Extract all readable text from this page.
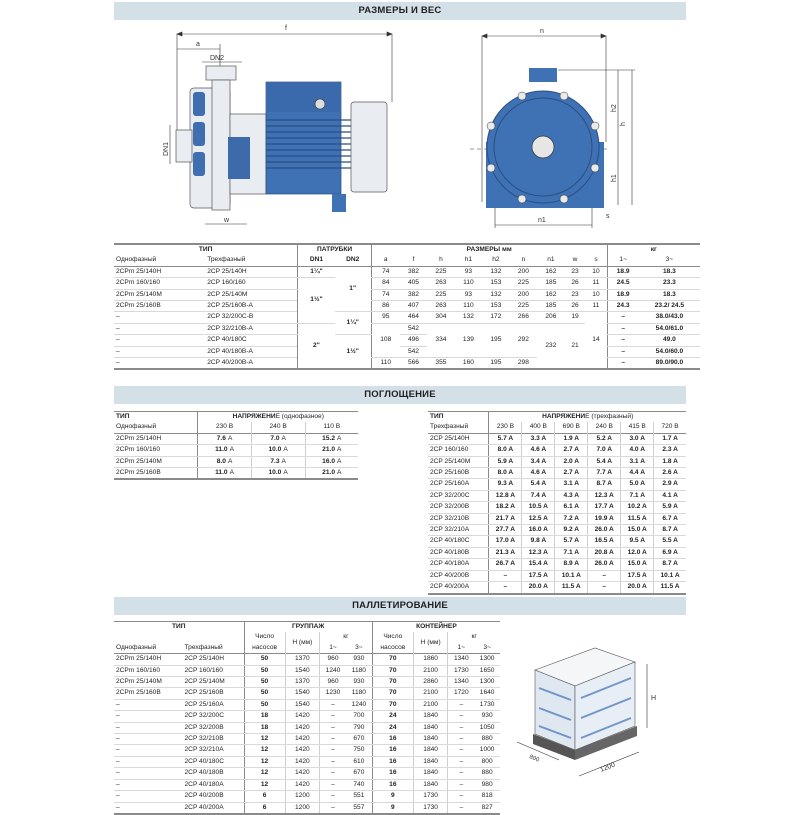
РАЗМЕРЫ И ВЕС
f
a
DN2
DN1
w
n
h
h2
h1
n1
s
ТИП		ПАТРУБКИ		РАЗМЕРЫ мм									кг	
Однофазный	Трехфазный	DN1	DN2	a	f	h	h1	h2	n	n1	w	s	1~	3~
2CPm 25/140H	2CP 25/140H	1¼"	1"	74	382	225	93	132	200	162	23	10	18.9	18.3
2CPm 160/160	2CP 160/160	1½"		84	405	263	110	153	225	185	26	11	24.5	23.3
2CPm 25/140M	2CP 25/140M			74	382	225	93	132	200	162	23	10	18.9	18.3
2CPm 25/160B	2CP 25/160B-A			86	407	263	110	153	225	185	26	11	24.3	23.2/ 24.5
–	2CP 32/200C-B		1¼"	95	464	304	132	172	266	206	19	14	–	38.0/43.0
–	2CP 32/210B-A	2"		108	542	334	139	195	292	232	21		–	54.0/61.0
–	2CP 40/180C		1½"		496								–	49.0
–	2CP 40/180B-A				542								–	54.0/60.0
–	2CP 40/200B-A			110	566	355	160	195	298				–	89.0/90.0
ПОГЛОЩЕНИЕ
ТИП	НАПРЯЖЕНИЕ (однофазное)		
Однофазный	230 В	240 В	110 В
2CPm 25/140H	7.6 A	7.0 A	15.2 A
2CPm 160/160	11.0 A	10.0 A	21.0 A
2CPm 25/140M	8.0 A	7.3 A	16.0 A
2CPm 25/160B	11.0 A	10.0 A	21.0 A
ТИП	НАПРЯЖЕНИЕ (трехфазный)					
Трехфазный	230 В	400 В	690 В	240 В	415 В	720 В
2CP 25/140H	5.7 A	3.3 A	1.9 A	5.2 A	3.0 A	1.7 A
2CP 160/160	8.0 A	4.6 A	2.7 A	7.0 A	4.0 A	2.3 A
2CP 25/140M	5.9 A	3.4 A	2.0 A	5.4 A	3.1 A	1.8 A
2CP 25/160B	8.0 A	4.6 A	2.7 A	7.7 A	4.4 A	2.6 A
2CP 25/160A	9.3 A	5.4 A	3.1 A	8.7 A	5.0 A	2.9 A
2CP 32/200C	12.8 A	7.4 A	4.3 A	12.3 A	7.1 A	4.1 A
2CP 32/200B	18.2 A	10.5 A	6.1 A	17.7 A	10.2 A	5.9 A
2CP 32/210B	21.7 A	12.5 A	7.2 A	19.9 A	11.5 A	6.7 A
2CP 32/210A	27.7 A	16.0 A	9.2 A	26.0 A	15.0 A	8.7 A
2CP 40/180C	17.0 A	9.8 A	5.7 A	16.5 A	9.5 A	5.5 A
2CP 40/180B	21.3 A	12.3 A	7.1 A	20.8 A	12.0 A	6.9 A
2CP 40/180A	26.7 A	15.4 A	8.9 A	26.0 A	15.0 A	8.7 A
2CP 40/200B	–	17.5 A	10.1 A	–	17.5 A	10.1 A
2CP 40/200A	–	20.0 A	11.5 A	–	20.0 A	11.5 A
ПАЛЛЕТИРОВАНИЕ
ТИП		ГРУППАЖ				КОНТЕЙНЕР			
		Число	H (мм)	кг		Число	H (мм)	кг	
Однофазный	Трехфазный	насосов		1~	3~	насосов		1~	3~
2CPm 25/140H	2CP 25/140H	50	1370	960	930	70	1860	1340	1300
2CPm 160/160	2CP 160/160	50	1540	1240	1180	70	2100	1730	1650
2CPm 25/140M	2CP 25/140M	50	1370	960	930	70	2860	1340	1300
2CPm 25/160B	2CP 25/160B	50	1540	1230	1180	70	2100	1720	1640
–	2CP 25/160A	50	1540	–	1240	70	2100	–	1730
–	2CP 32/200C	18	1420	–	700	24	1840	–	930
–	2CP 32/200B	18	1420	–	790	24	1840	–	1050
–	2CP 32/210B	12	1420	–	670	16	1840	–	880
–	2CP 32/210A	12	1420	–	750	16	1840	–	1000
–	2CP 40/180C	12	1420	–	610	16	1840	–	800
–	2CP 40/180B	12	1420	–	670	16	1840	–	880
–	2CP 40/180A	12	1420	–	740	16	1840	–	980
–	2CP 40/200B	6	1200	–	551	9	1730	–	818
–	2CP 40/200A	6	1200	–	557	9	1730	–	827
H
1200
800
